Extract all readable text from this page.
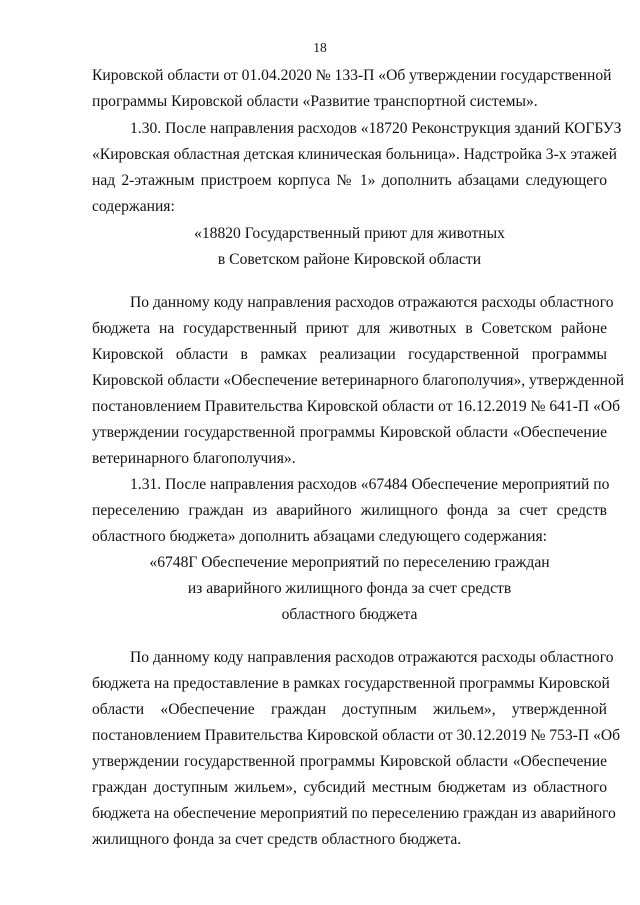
18
Кировской области от 01.04.2020 № 133-П «Об утверждении государственной
программы Кировской области «Развитие транспортной системы».
1.30. После направления расходов «18720 Реконструкция зданий КОГБУЗ
«Кировская областная детская клиническая больница». Надстройка 3-х этажей
над 2-этажным пристроем корпуса № 1» дополнить абзацами следующего
содержания:
«18820 Государственный приют для животных
в Советском районе Кировской области
По данному коду направления расходов отражаются расходы областного
бюджета на государственный приют для животных в Советском районе
Кировской области в рамках реализации государственной программы
Кировской области «Обеспечение ветеринарного благополучия», утвержденной
постановлением Правительства Кировской области от 16.12.2019 № 641-П «Об
утверждении государственной программы Кировской области «Обеспечение
ветеринарного благополучия».
1.31. После направления расходов «67484 Обеспечение мероприятий по
переселению граждан из аварийного жилищного фонда за счет средств
областного бюджета» дополнить абзацами следующего содержания:
«6748Г Обеспечение мероприятий по переселению граждан
из аварийного жилищного фонда за счет средств
областного бюджета
По данному коду направления расходов отражаются расходы областного
бюджета на предоставление в рамках государственной программы Кировской
области «Обеспечение граждан доступным жильем», утвержденной
постановлением Правительства Кировской области от 30.12.2019 № 753-П «Об
утверждении государственной программы Кировской области «Обеспечение
граждан доступным жильем», субсидий местным бюджетам из областного
бюджета на обеспечение мероприятий по переселению граждан из аварийного
жилищного фонда за счет средств областного бюджета.
